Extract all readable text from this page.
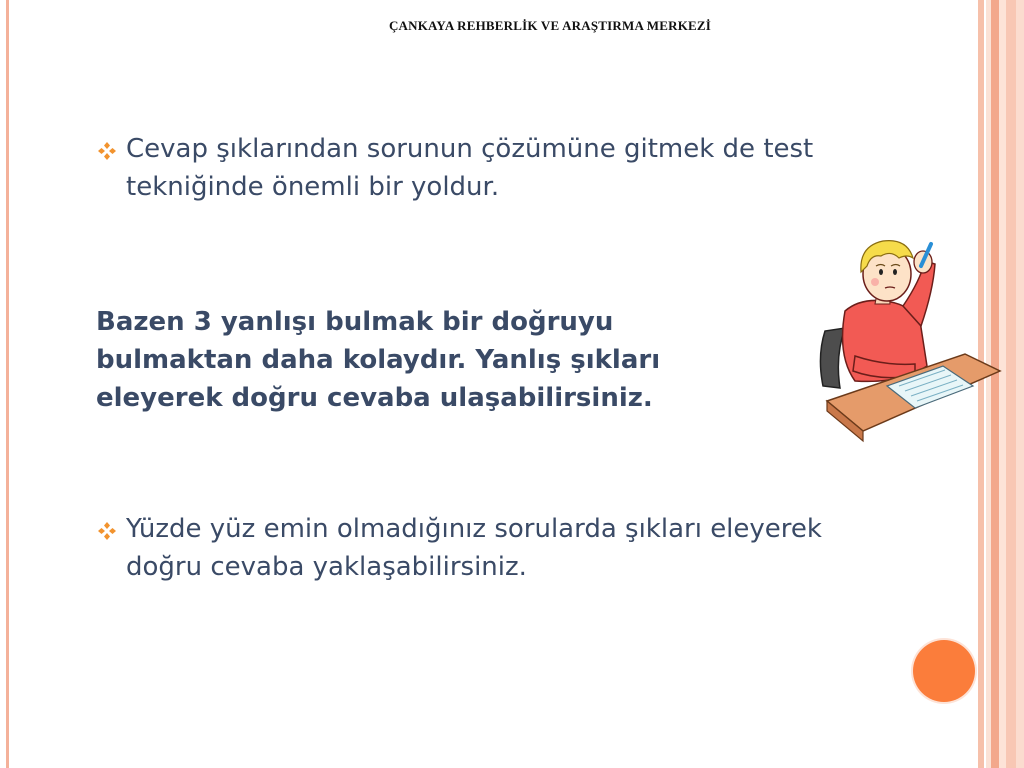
ÇANKAYA REHBERLİK VE ARAŞTIRMA MERKEZİ
Cevap şıklarından sorunun çözümüne gitmek de test tekniğinde önemli bir yoldur.
Bazen 3 yanlışı bulmak bir doğruyu bulmaktan daha kolaydır. Yanlış şıkları eleyerek doğru cevaba ulaşabilirsiniz.
Yüzde yüz emin olmadığınız sorularda şıkları eleyerek doğru cevaba yaklaşabilirsiniz.
